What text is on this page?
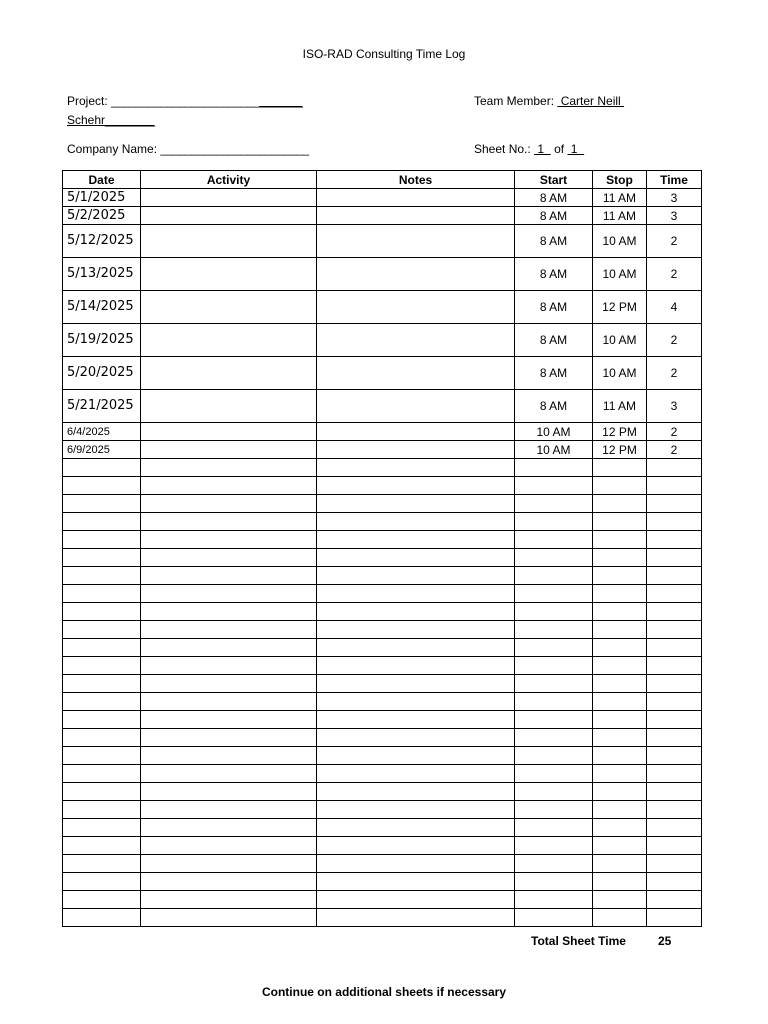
ISO-RAD Consulting Time Log
Project: _______________________________
Schehr________
Team Member:  Carter Neill
Company Name: ________________________	Sheet No.:  1   of  1
Date	Activity	Notes	Start	Stop	Time
5/1/2025			8 AM	11 AM	3
5/2/2025			8 AM	11 AM	3
5/12/2025			8 AM	10 AM	2
5/13/2025			8 AM	10 AM	2
5/14/2025			8 AM	12 PM	4
5/19/2025			8 AM	10 AM	2
5/20/2025			8 AM	10 AM	2
5/21/2025			8 AM	11 AM	3
6/4/2025			10 AM	12 PM	2
6/9/2025			10 AM	12 PM	2

Total Sheet Time	25
Continue on additional sheets if necessary
